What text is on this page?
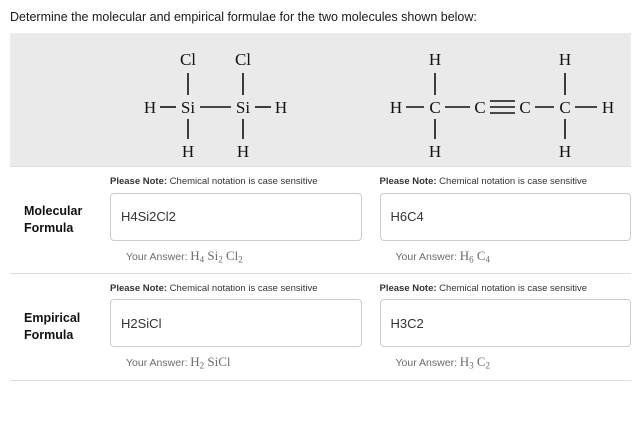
Determine the molecular and empirical formulae for the two molecules shown below:
Cl Cl
H Si Si H
H	H
H	H
H C C C C H
H	H
Molecular
Formula
Please Note: Chemical notation is case sensitive
H4Si2Cl2
Your Answer: $H_4$ $Si_2$ $Cl_2$
Please Note: Chemical notation is case sensitive
H6C4
Your Answer: $H_6$ $C_4$
Empirical
Formula
Please Note: Chemical notation is case sensitive
H2SiCl
Your Answer: $H_2$ SiCl
Please Note: Chemical notation is case sensitive
H3C2
Your Answer: $H_3$ $C_2$
